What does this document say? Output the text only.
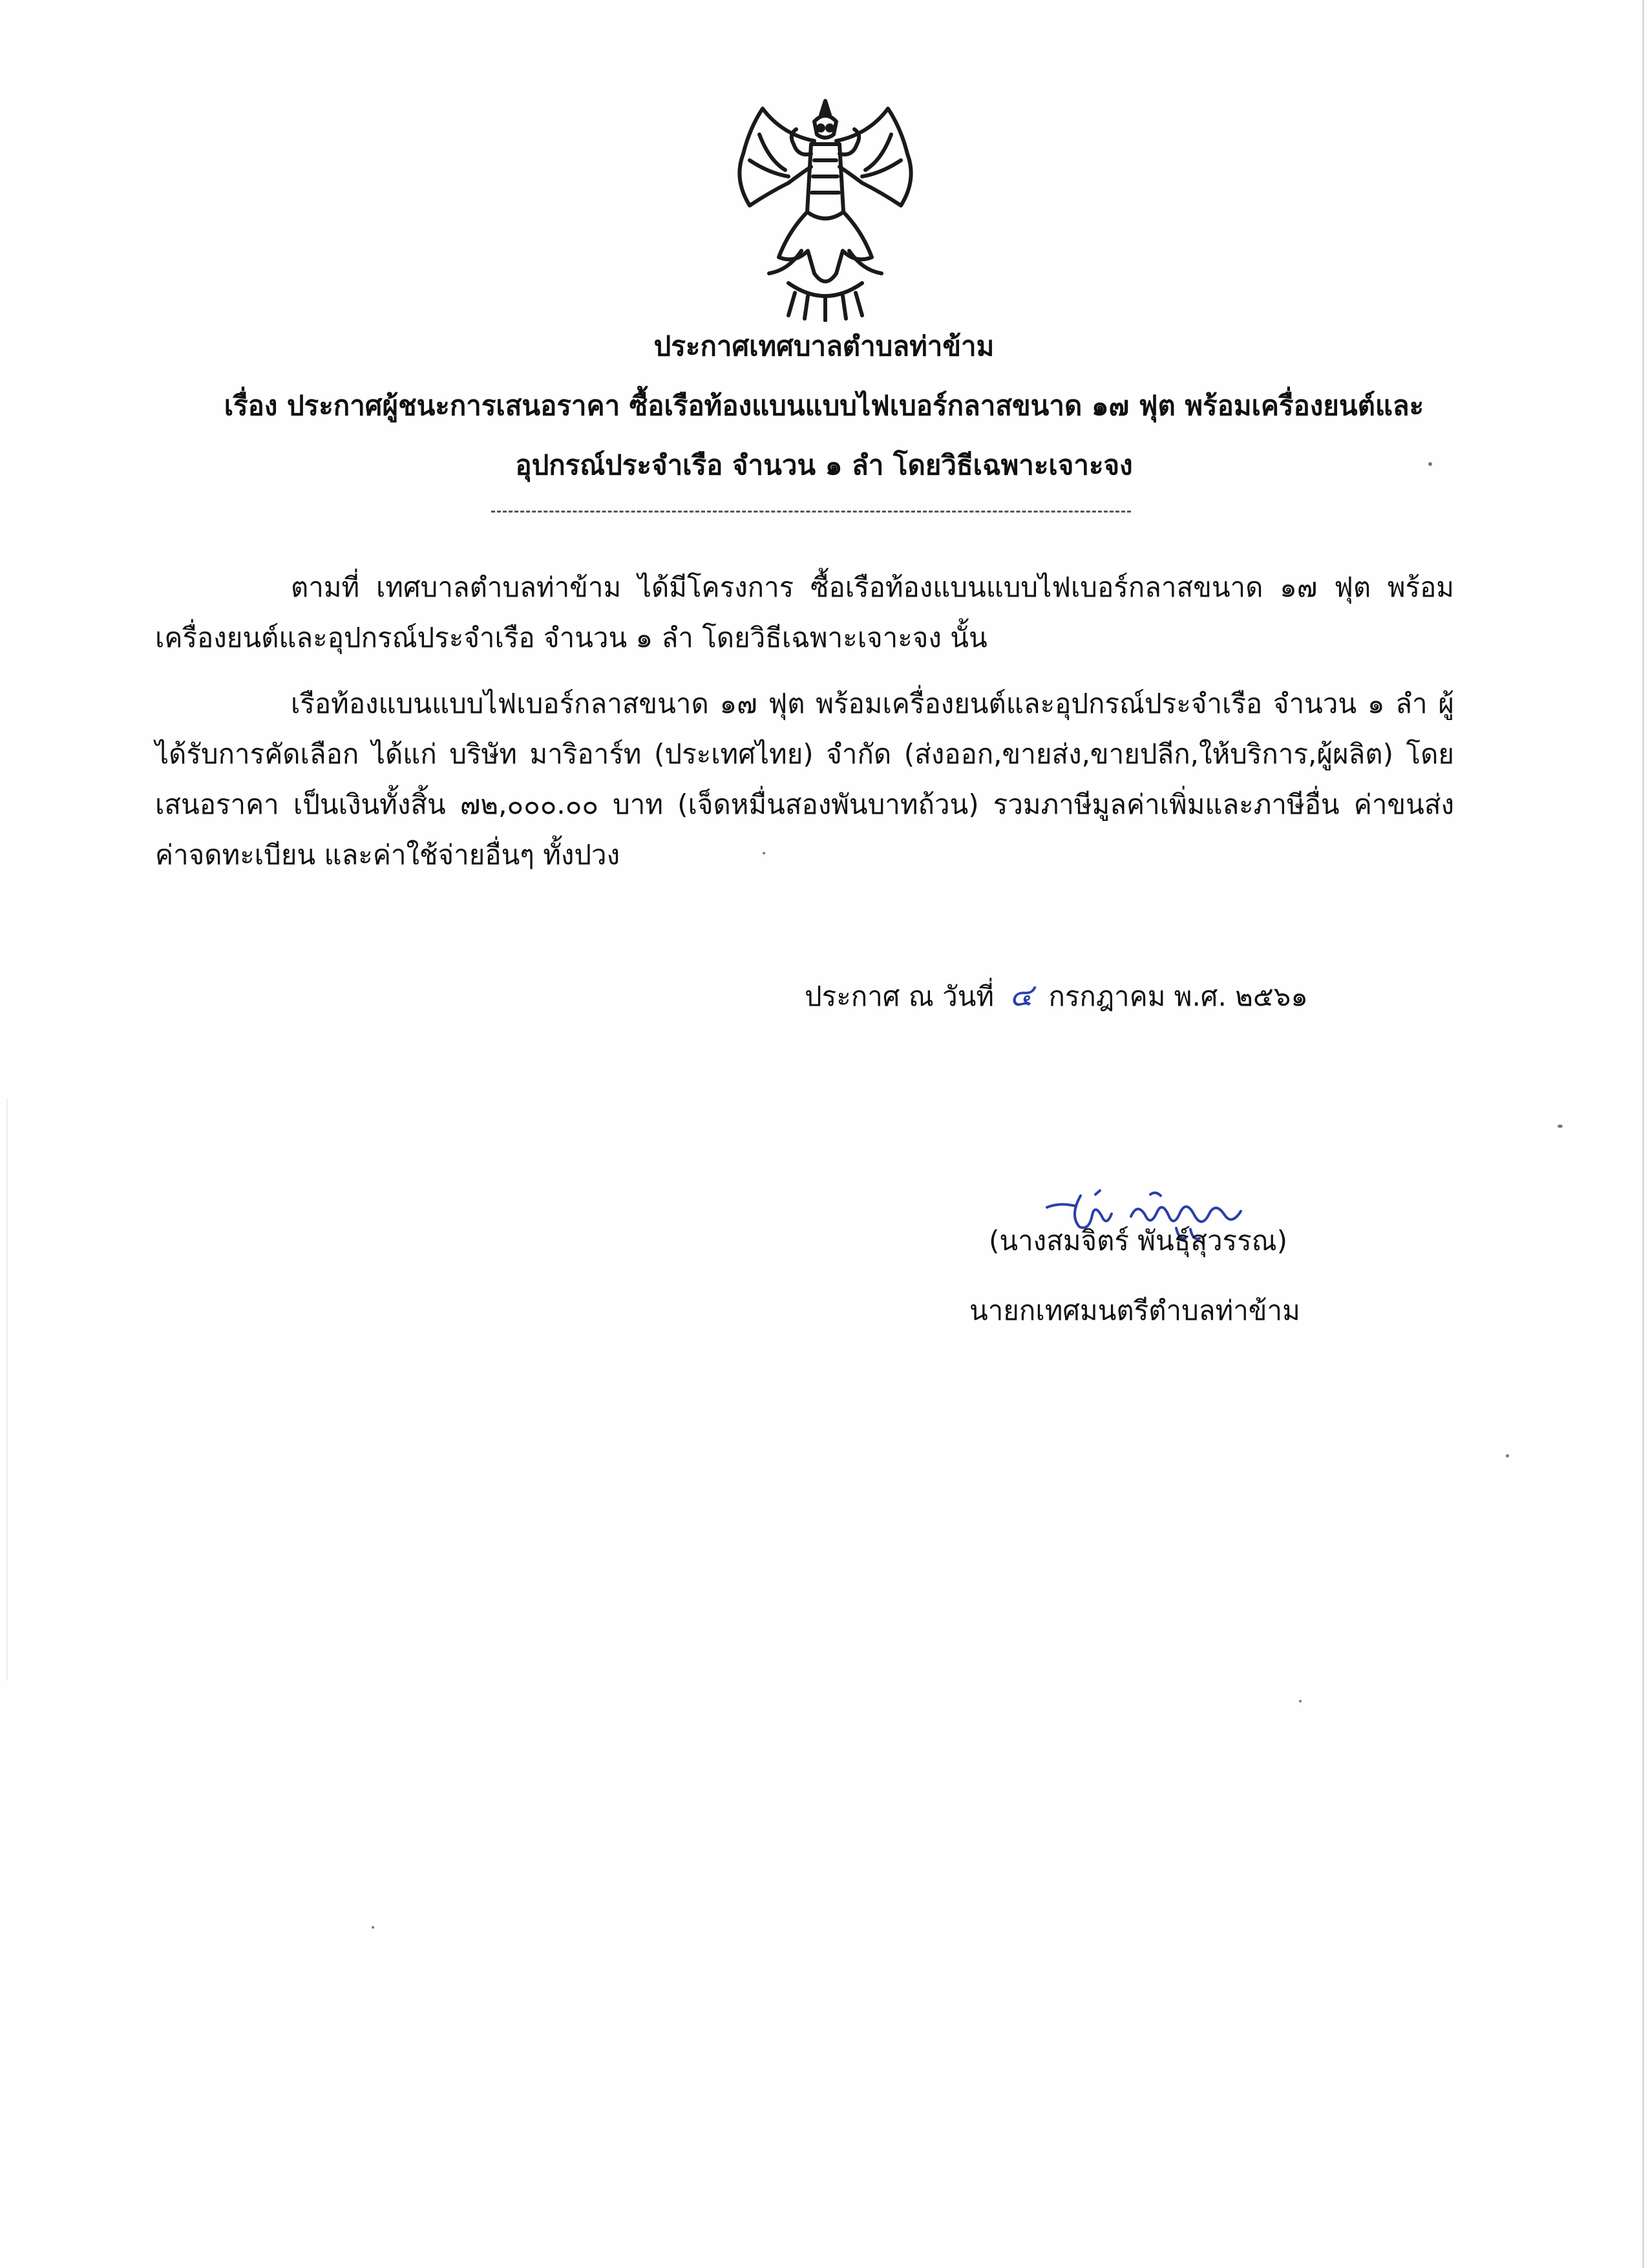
ประกาศเทศบาลตำบลท่าข้าม
เรื่อง ประกาศผู้ชนะการเสนอราคา ซื้อเรือท้องแบนแบบไฟเบอร์กลาสขนาด ๑๗ ฟุต พร้อมเครื่องยนต์และ
อุปกรณ์ประจำเรือ จำนวน ๑ ลำ โดยวิธีเฉพาะเจาะจง
ตามที่ เทศบาลตำบลท่าข้าม ได้มีโครงการ ซื้อเรือท้องแบนแบบไฟเบอร์กลาสขนาด ๑๗ ฟุต พร้อมเครื่องยนต์และอุปกรณ์ประจำเรือ จำนวน ๑ ลำ โดยวิธีเฉพาะเจาะจง นั้น
เรือท้องแบนแบบไฟเบอร์กลาสขนาด ๑๗ ฟุต พร้อมเครื่องยนต์และอุปกรณ์ประจำเรือ จำนวน ๑ ลำ ผู้ได้รับการคัดเลือก ได้แก่ บริษัท มาริอาร์ท (ประเทศไทย) จำกัด (ส่งออก,ขายส่ง,ขายปลีก,ให้บริการ,ผู้ผลิต) โดยเสนอราคา เป็นเงินทั้งสิ้น ๗๒,๐๐๐.๐๐ บาท (เจ็ดหมื่นสองพันบาทถ้วน) รวมภาษีมูลค่าเพิ่มและภาษีอื่น ค่าขนส่ง ค่าจดทะเบียน และค่าใช้จ่ายอื่นๆ ทั้งปวง
ประกาศ ณ วันที่ ๔ กรกฎาคม พ.ศ. ๒๕๖๑
(นางสมจิตร์ พันธุ์สุวรรณ)
นายกเทศมนตรีตำบลท่าข้าม
